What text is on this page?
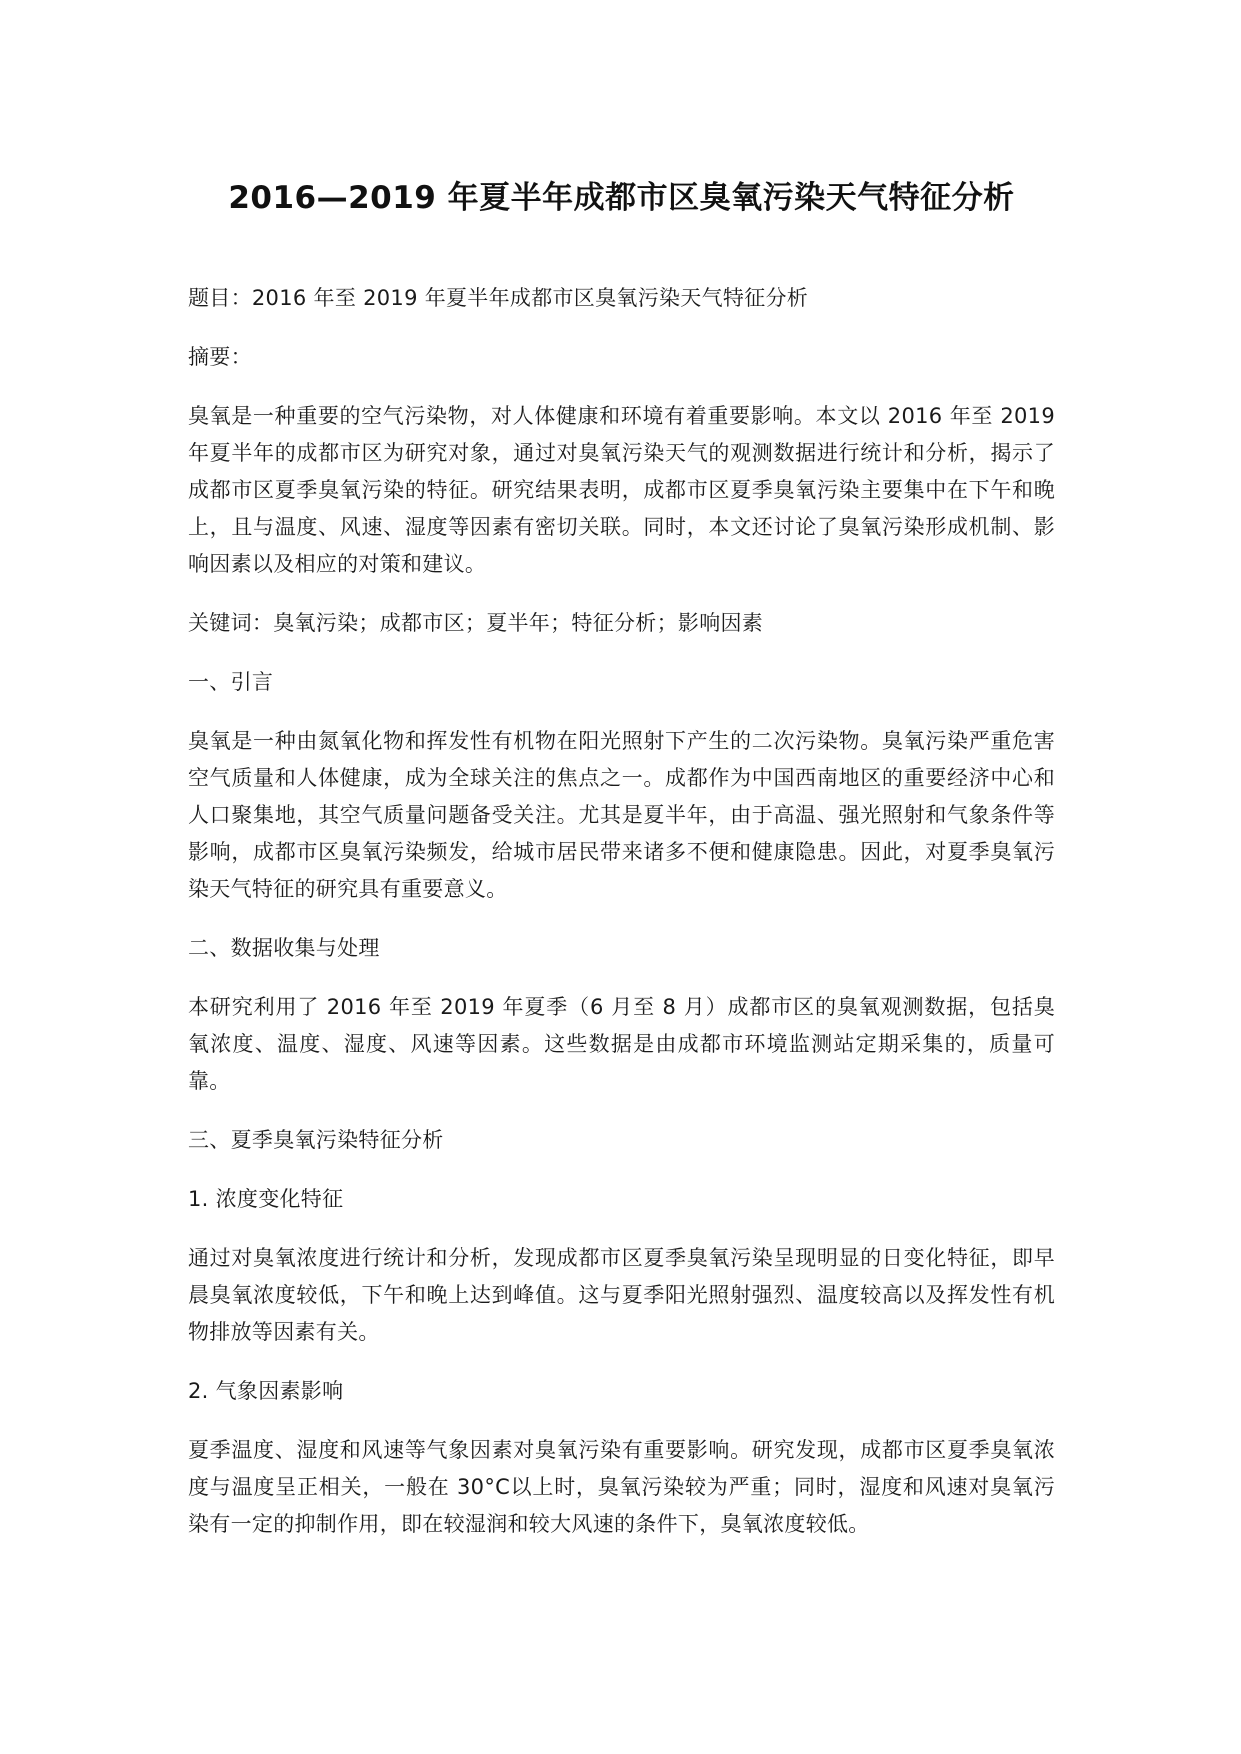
2016—2019 年夏半年成都市区臭氧污染天气特征分析

题目：2016 年至 2019 年夏半年成都市区臭氧污染天气特征分析

摘要：

臭氧是一种重要的空气污染物，对人体健康和环境有着重要影响。本文以 2016 年至 2019 年夏半年的成都市区为研究对象，通过对臭氧污染天气的观测数据进行统计和分析，揭示了成都市区夏季臭氧污染的特征。研究结果表明，成都市区夏季臭氧污染主要集中在下午和晚上，且与温度、风速、湿度等因素有密切关联。同时，本文还讨论了臭氧污染形成机制、影响因素以及相应的对策和建议。

关键词：臭氧污染；成都市区；夏半年；特征分析；影响因素

一、引言

臭氧是一种由氮氧化物和挥发性有机物在阳光照射下产生的二次污染物。臭氧污染严重危害空气质量和人体健康，成为全球关注的焦点之一。成都作为中国西南地区的重要经济中心和人口聚集地，其空气质量问题备受关注。尤其是夏半年，由于高温、强光照射和气象条件等影响，成都市区臭氧污染频发，给城市居民带来诸多不便和健康隐患。因此，对夏季臭氧污染天气特征的研究具有重要意义。

二、数据收集与处理

本研究利用了 2016 年至 2019 年夏季（6 月至 8 月）成都市区的臭氧观测数据，包括臭氧浓度、温度、湿度、风速等因素。这些数据是由成都市环境监测站定期采集的，质量可靠。

三、夏季臭氧污染特征分析

1. 浓度变化特征

通过对臭氧浓度进行统计和分析，发现成都市区夏季臭氧污染呈现明显的日变化特征，即早晨臭氧浓度较低，下午和晚上达到峰值。这与夏季阳光照射强烈、温度较高以及挥发性有机物排放等因素有关。

2. 气象因素影响

夏季温度、湿度和风速等气象因素对臭氧污染有重要影响。研究发现，成都市区夏季臭氧浓度与温度呈正相关，一般在 30°C以上时，臭氧污染较为严重；同时，湿度和风速对臭氧污染有一定的抑制作用，即在较湿润和较大风速的条件下，臭氧浓度较低。
